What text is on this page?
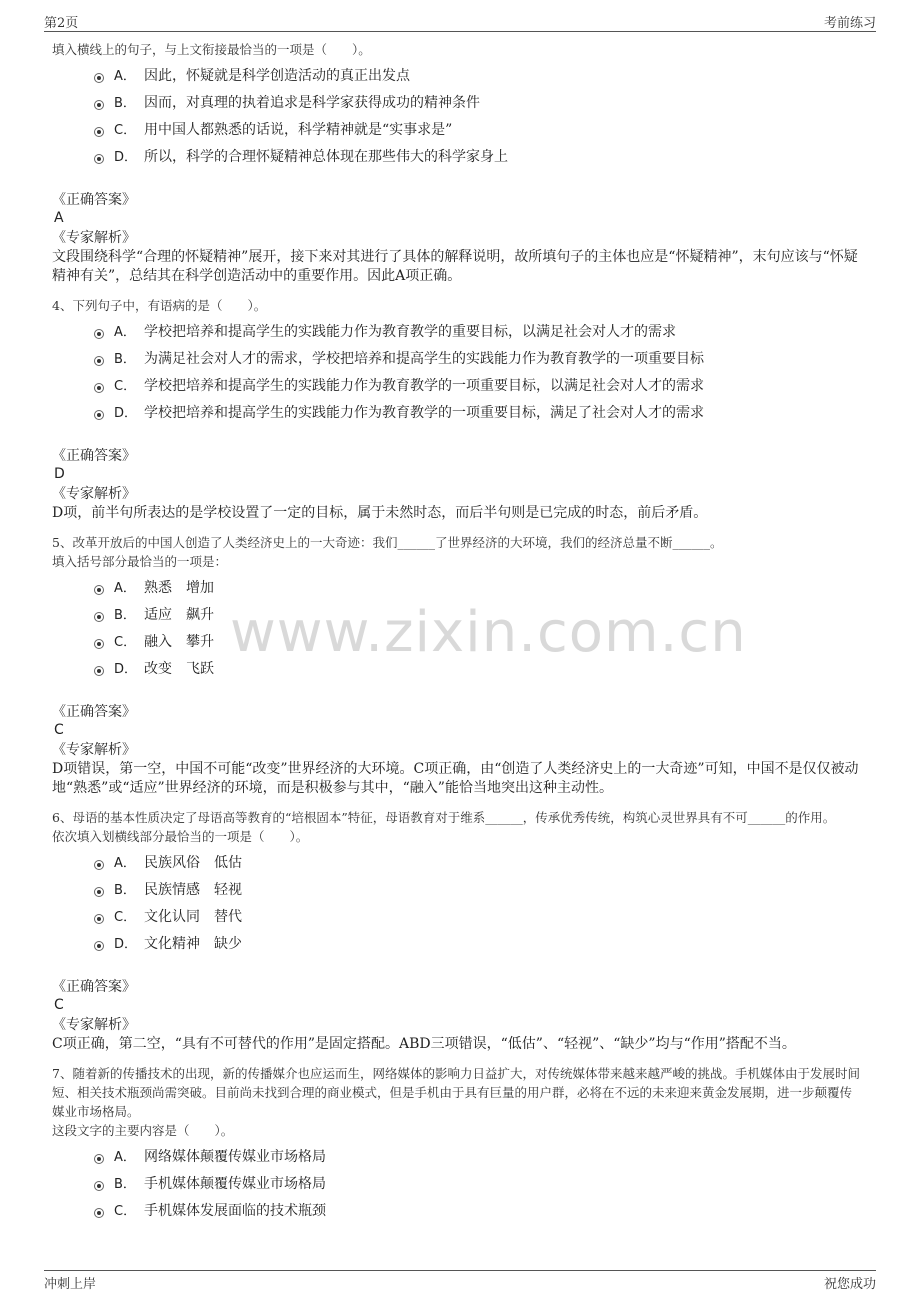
第2页	考前练习
www.zixin.com.cn

填入横线上的句子，与上文衔接最恰当的一项是（　　）。

A． 因此，怀疑就是科学创造活动的真正出发点
B． 因而，对真理的执着追求是科学家获得成功的精神条件
C． 用中国人都熟悉的话说，科学精神就是“实事求是”
D． 所以，科学的合理怀疑精神总体现在那些伟大的科学家身上
《正确答案》
A
《专家解析》

文段围绕科学“合理的怀疑精神”展开，接下来对其进行了具体的解释说明，故所填句子的主体也应是“怀疑精神”，末句应该与“怀疑精神有关”，总结其在科学创造活动中的重要作用。因此A项正确。

4、下列句子中，有语病的是（　　）。

A． 学校把培养和提高学生的实践能力作为教育教学的重要目标，以满足社会对人才的需求
B． 为满足社会对人才的需求，学校把培养和提高学生的实践能力作为教育教学的一项重要目标
C． 学校把培养和提高学生的实践能力作为教育教学的一项重要目标，以满足社会对人才的需求
D． 学校把培养和提高学生的实践能力作为教育教学的一项重要目标，满足了社会对人才的需求
《正确答案》
D
《专家解析》

D项，前半句所表达的是学校设置了一定的目标，属于未然时态，而后半句则是已完成的时态，前后矛盾。

5、改革开放后的中国人创造了人类经济史上的一大奇迹：我们______了世界经济的大环境，我们的经济总量不断______。

填入括号部分最恰当的一项是：

A． 熟悉　增加
B． 适应　飙升
C． 融入　攀升
D． 改变　飞跃
《正确答案》
C
《专家解析》

D项错误，第一空，中国不可能“改变”世界经济的大环境。C项正确，由“创造了人类经济史上的一大奇迹”可知，中国不是仅仅被动地“熟悉”或“适应”世界经济的环境，而是积极参与其中，“融入”能恰当地突出这种主动性。

6、母语的基本性质决定了母语高等教育的“培根固本”特征，母语教育对于维系______，传承优秀传统，构筑心灵世界具有不可______的作用。

依次填入划横线部分最恰当的一项是（　　）。

A． 民族风俗　低估
B． 民族情感　轻视
C． 文化认同　替代
D． 文化精神　缺少
《正确答案》
C
《专家解析》

C项正确，第二空，“具有不可替代的作用”是固定搭配。ABD三项错误，“低估”、“轻视”、“缺少”均与“作用”搭配不当。

7、随着新的传播技术的出现，新的传播媒介也应运而生，网络媒体的影响力日益扩大，对传统媒体带来越来越严峻的挑战。手机媒体由于发展时间短、相关技术瓶颈尚需突破。目前尚未找到合理的商业模式，但是手机由于具有巨量的用户群，必将在不远的未来迎来黄金发展期，进一步颠覆传媒业市场格局。

这段文字的主要内容是（　　）。

A． 网络媒体颠覆传媒业市场格局
B． 手机媒体颠覆传媒业市场格局
C． 手机媒体发展面临的技术瓶颈
冲刺上岸	祝您成功
